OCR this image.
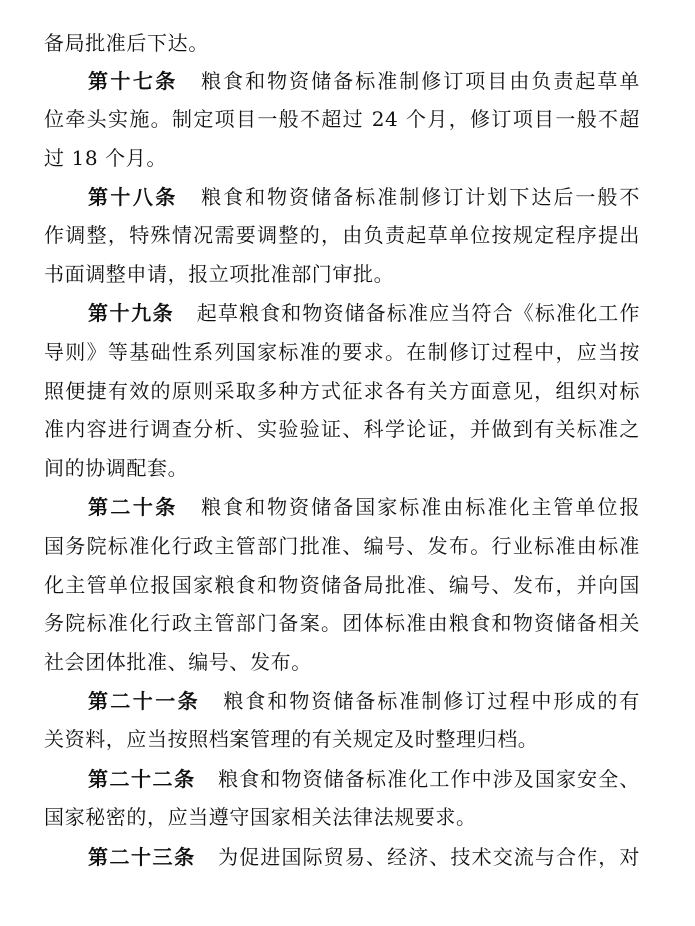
备局批准后下达。
第十七条 粮食和物资储备标准制修订项目由负责起草单
位牵头实施。制定项目一般不超过 24 个月，修订项目一般不超
过 18 个月。
第十八条 粮食和物资储备标准制修订计划下达后一般不
作调整，特殊情况需要调整的，由负责起草单位按规定程序提出
书面调整申请，报立项批准部门审批。
第十九条 起草粮食和物资储备标准应当符合《标准化工作
导则》等基础性系列国家标准的要求。在制修订过程中，应当按
照便捷有效的原则采取多种方式征求各有关方面意见，组织对标
准内容进行调查分析、实验验证、科学论证，并做到有关标准之
间的协调配套。
第二十条 粮食和物资储备国家标准由标准化主管单位报
国务院标准化行政主管部门批准、编号、发布。行业标准由标准
化主管单位报国家粮食和物资储备局批准、编号、发布，并向国
务院标准化行政主管部门备案。团体标准由粮食和物资储备相关
社会团体批准、编号、发布。
第二十一条 粮食和物资储备标准制修订过程中形成的有
关资料，应当按照档案管理的有关规定及时整理归档。
第二十二条 粮食和物资储备标准化工作中涉及国家安全、
国家秘密的，应当遵守国家相关法律法规要求。
第二十三条 为促进国际贸易、经济、技术交流与合作，对
